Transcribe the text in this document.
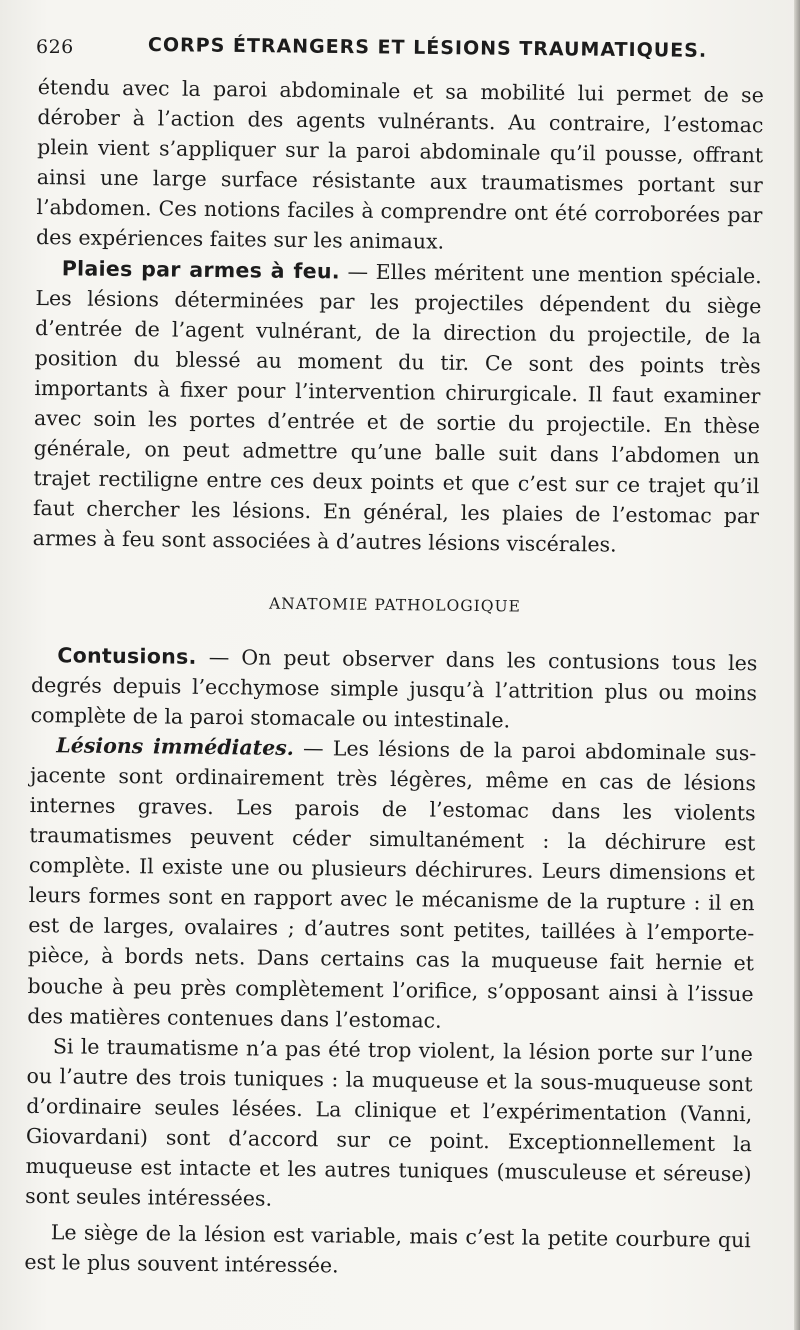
626	CORPS ÉTRANGERS ET LÉSIONS TRAUMATIQUES.

étendu avec la paroi abdominale et sa mobilité lui permet de se dérober à l’action des agents vulnérants. Au contraire, l’estomac plein vient s’appliquer sur la paroi abdominale qu’il pousse, offrant ainsi une large surface résistante aux traumatismes portant sur l’abdomen. Ces notions faciles à comprendre ont été corroborées par des expériences faites sur les animaux.

Plaies par armes à feu. — Elles méritent une mention spéciale. Les lésions déterminées par les projectiles dépendent du siège d’entrée de l’agent vulnérant, de la direction du projectile, de la position du blessé au moment du tir. Ce sont des points très importants à fixer pour l’intervention chirurgicale. Il faut examiner avec soin les portes d’entrée et de sortie du projectile. En thèse générale, on peut admettre qu’une balle suit dans l’abdomen un trajet rectiligne entre ces deux points et que c’est sur ce trajet qu’il faut chercher les lésions. En général, les plaies de l’estomac par armes à feu sont associées à d’autres lésions viscérales.

ANATOMIE PATHOLOGIQUE

Contusions. — On peut observer dans les contusions tous les degrés depuis l’ecchymose simple jusqu’à l’attrition plus ou moins complète de la paroi stomacale ou intestinale.

Lésions immédiates. — Les lésions de la paroi abdominale sus-jacente sont ordinairement très légères, même en cas de lésions internes graves. Les parois de l’estomac dans les violents traumatismes peuvent céder simultanément : la déchirure est complète. Il existe une ou plusieurs déchirures. Leurs dimensions et leurs formes sont en rapport avec le mécanisme de la rupture : il en est de larges, ovalaires ; d’autres sont petites, taillées à l’emporte-pièce, à bords nets. Dans certains cas la muqueuse fait hernie et bouche à peu près complètement l’orifice, s’opposant ainsi à l’issue des matières contenues dans l’estomac.

Si le traumatisme n’a pas été trop violent, la lésion porte sur l’une ou l’autre des trois tuniques : la muqueuse et la sous-muqueuse sont d’ordinaire seules lésées. La clinique et l’expérimentation (Vanni, Giovardani) sont d’accord sur ce point. Exceptionnellement la muqueuse est intacte et les autres tuniques (musculeuse et séreuse) sont seules intéressées.

Le siège de la lésion est variable, mais c’est la petite courbure qui est le plus souvent intéressée.
